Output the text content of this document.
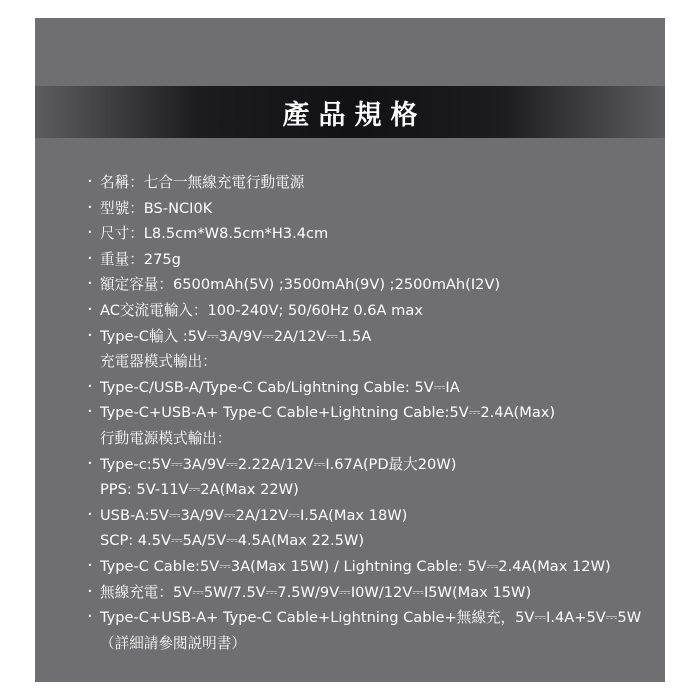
產品規格
· 名稱：七合一無線充電行動電源
· 型號：BS-NCI0K
· 尺寸：L8.5cm*W8.5cm*H3.4cm
· 重量：275g
· 額定容量：6500mAh(5V) ;3500mAh(9V) ;2500mAh(I2V)
· AC交流電輸入：100-240V; 50/60Hz 0.6A max
· Type-C輸入 :5V⎓3A/9V⎓2A/12V⎓1.5A
充電器模式輸出：
· Type-C/USB-A/Type-C Cab/Lightning Cable: 5V⎓IA
· Type-C+USB-A+ Type-C Cable+Lightning Cable:5V⎓2.4A(Max)
行動電源模式輸出：
· Type-c:5V⎓3A/9V⎓2.22A/12V⎓I.67A(PD最大20W)
PPS: 5V-11V⎓2A(Max 22W)
· USB-A:5V⎓3A/9V⎓2A/12V⎓I.5A(Max 18W)
SCP: 4.5V⎓5A/5V⎓4.5A(Max 22.5W)
· Type-C Cable:5V⎓3A(Max 15W) / Lightning Cable: 5V⎓2.4A(Max 12W)
· 無線充電：5V⎓5W/7.5V⎓7.5W/9V⎓I0W/12V⎓I5W(Max 15W)
· Type-C+USB-A+ Type-C Cable+Lightning Cable+無線充，5V⎓I.4A+5V⎓5W
（詳細請參閱説明書）
